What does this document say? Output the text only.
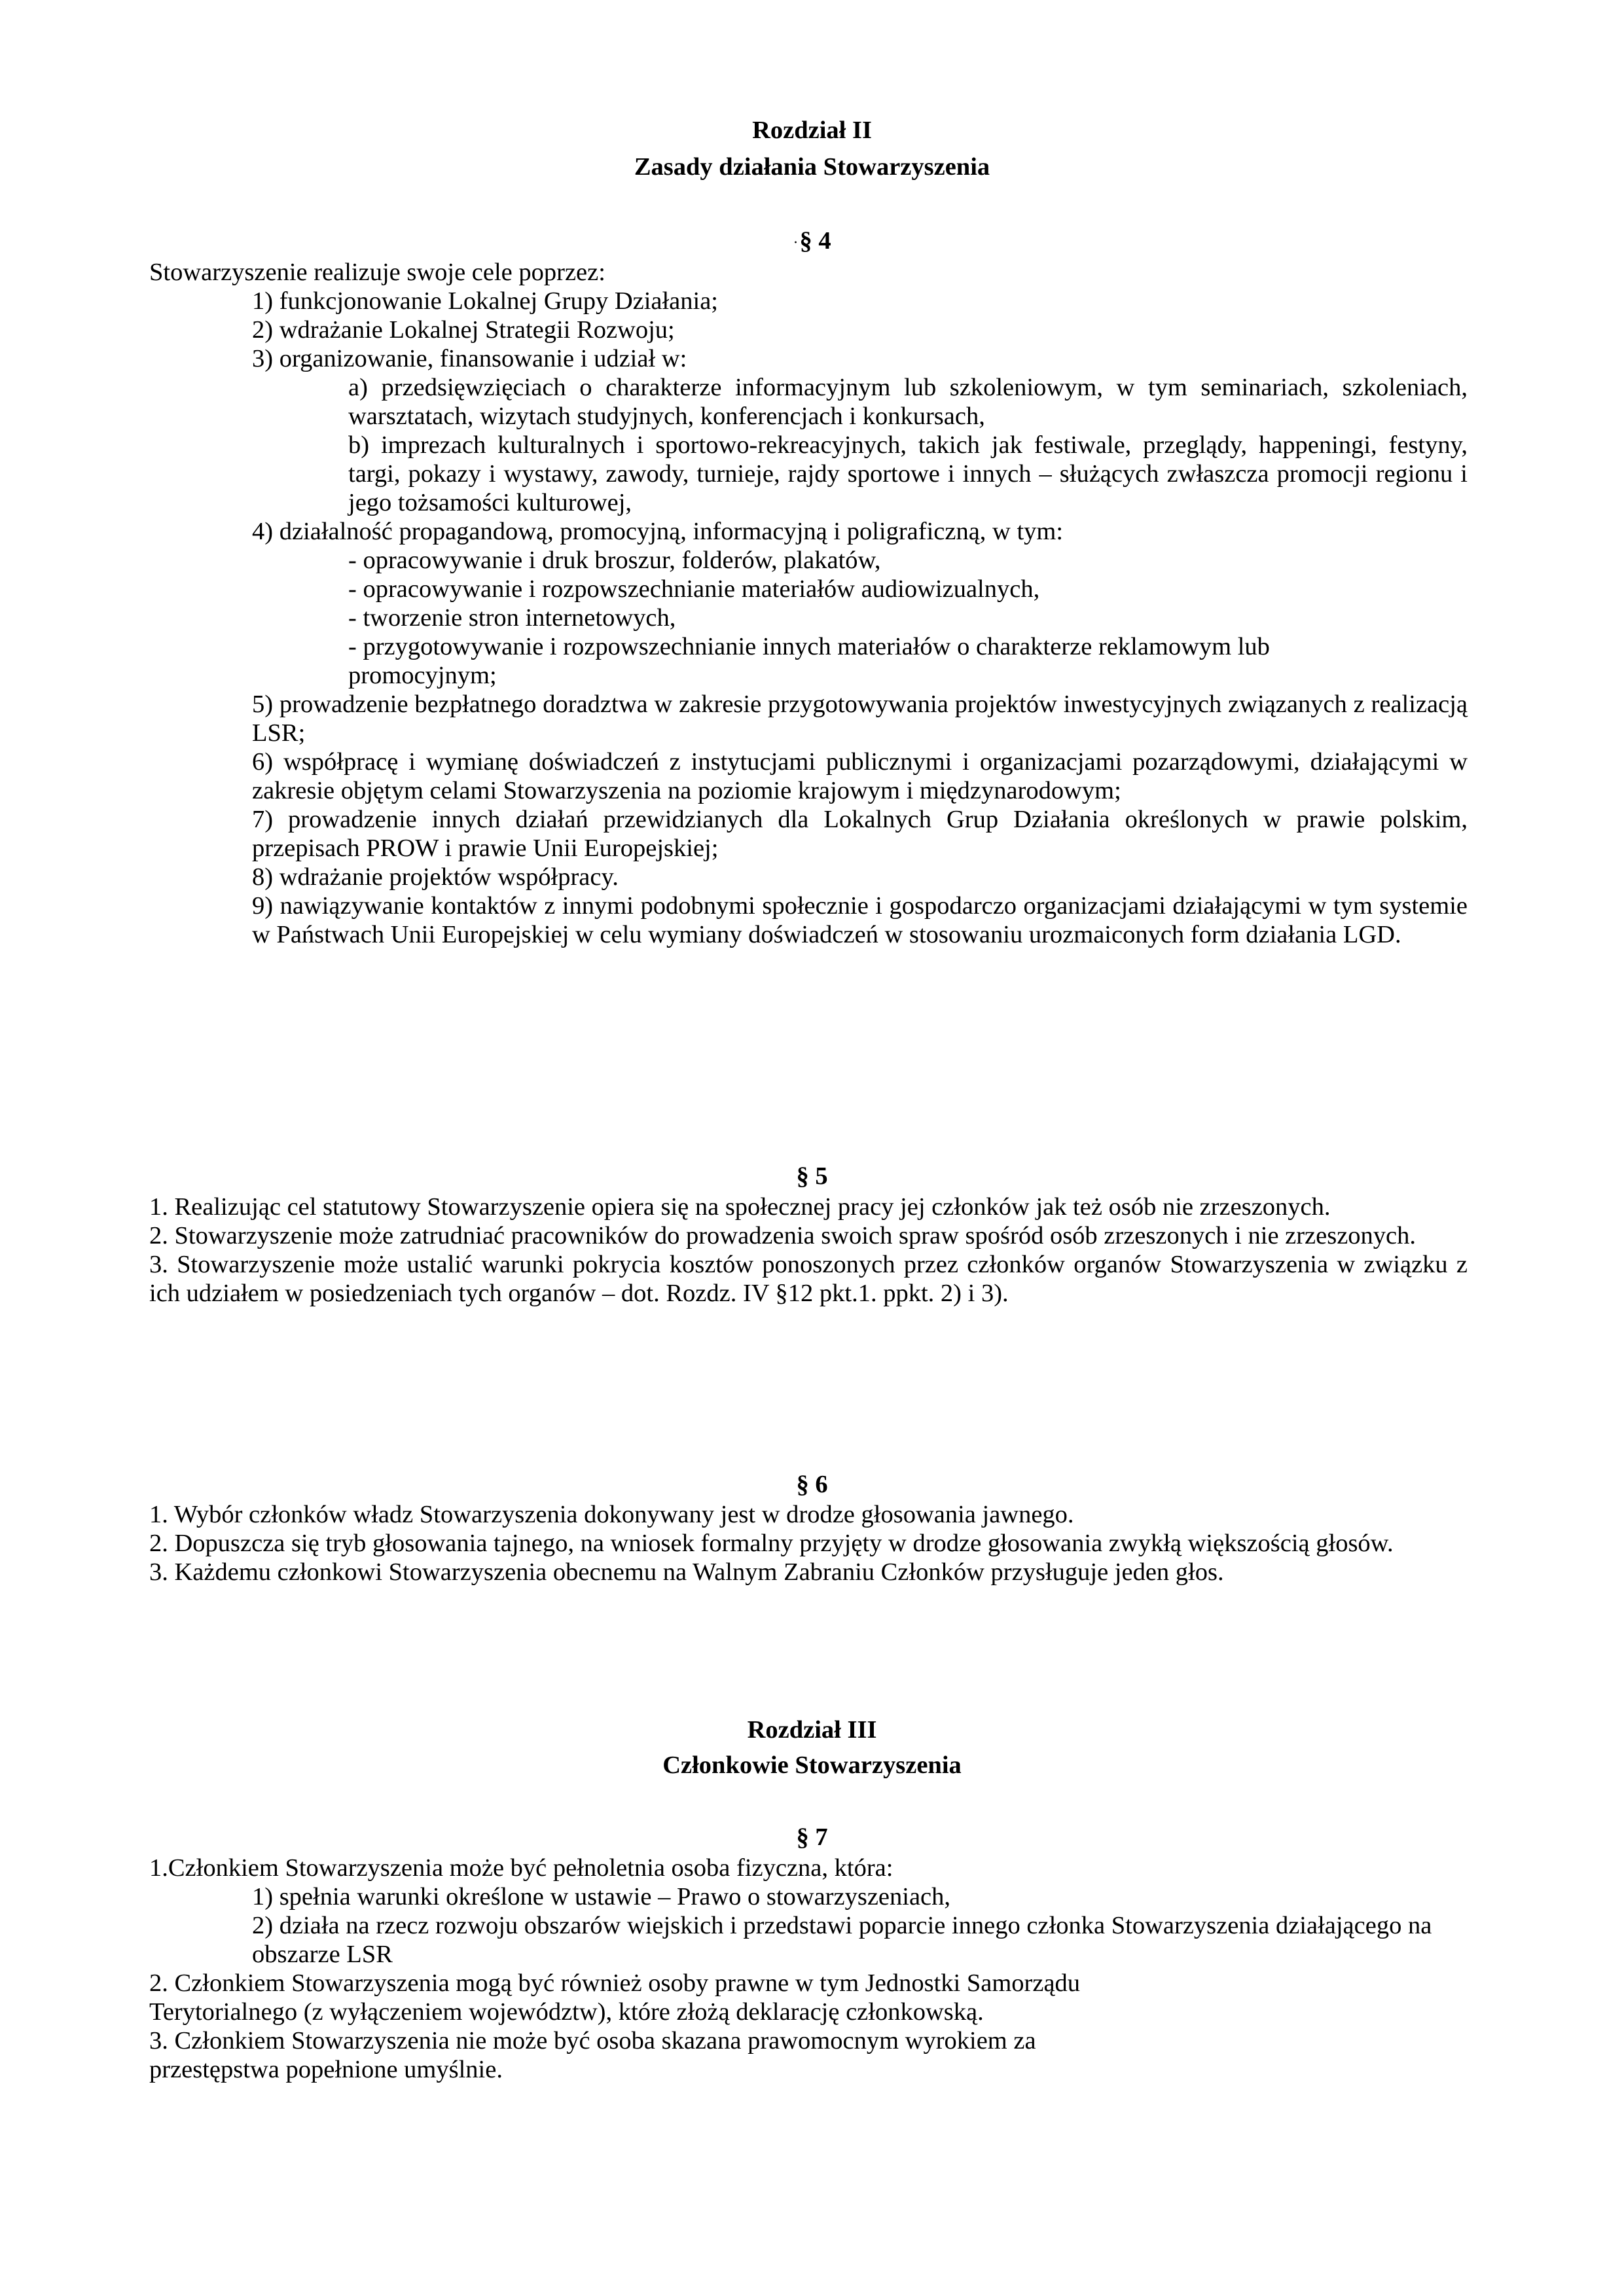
Rozdział II
Zasady działania Stowarzyszenia
·§ 4

Stowarzyszenie realizuje swoje cele poprzez:

1) funkcjonowanie Lokalnej Grupy Działania;

2) wdrażanie Lokalnej Strategii Rozwoju;

3) organizowanie, finansowanie i udział w:

a) przedsięwzięciach o charakterze informacyjnym lub szkoleniowym, w tym seminariach, szkoleniach, warsztatach, wizytach studyjnych, konferencjach i konkursach,

b) imprezach kulturalnych i sportowo-rekreacyjnych, takich jak festiwale, przeglądy, happeningi, festyny, targi, pokazy i wystawy, zawody, turnieje, rajdy sportowe i innych – służących zwłaszcza promocji regionu i jego tożsamości kulturowej,

4) działalność propagandową, promocyjną, informacyjną i poligraficzną, w tym:

- opracowywanie i druk broszur, folderów, plakatów,

- opracowywanie i rozpowszechnianie materiałów audiowizualnych,

- tworzenie stron internetowych,

- przygotowywanie i rozpowszechnianie innych materiałów o charakterze reklamowym lub promocyjnym;

5) prowadzenie bezpłatnego doradztwa w zakresie przygotowywania projektów inwestycyjnych związanych z realizacją LSR;

6) współpracę i wymianę doświadczeń z instytucjami publicznymi i organizacjami pozarządowymi, działającymi w zakresie objętym celami Stowarzyszenia na poziomie krajowym i międzynarodowym;

7) prowadzenie innych działań przewidzianych dla Lokalnych Grup Działania określonych w prawie polskim, przepisach PROW i prawie Unii Europejskiej;

8) wdrażanie projektów współpracy.

9) nawiązywanie kontaktów z innymi podobnymi społecznie i gospodarczo organizacjami działającymi w tym systemie w Państwach Unii Europejskiej w celu wymiany doświadczeń w stosowaniu urozmaiconych form działania LGD.

§ 5

1. Realizując cel statutowy Stowarzyszenie opiera się na społecznej pracy jej członków jak też osób nie zrzeszonych.

2. Stowarzyszenie może zatrudniać pracowników do prowadzenia swoich spraw spośród osób zrzeszonych i nie zrzeszonych.

3. Stowarzyszenie może ustalić warunki pokrycia kosztów ponoszonych przez członków organów Stowarzyszenia w związku z ich udziałem w posiedzeniach tych organów – dot. Rozdz. IV §12 pkt.1. ppkt. 2) i 3).

§ 6

1. Wybór członków władz Stowarzyszenia dokonywany jest w drodze głosowania jawnego.

2. Dopuszcza się tryb głosowania tajnego, na wniosek formalny przyjęty w drodze głosowania zwykłą większością głosów.

3. Każdemu członkowi Stowarzyszenia obecnemu na Walnym Zabraniu Członków przysługuje jeden głos.

Rozdział III
Członkowie Stowarzyszenia
§ 7

1.Członkiem Stowarzyszenia może być pełnoletnia osoba fizyczna, która:

1) spełnia warunki określone w ustawie – Prawo o stowarzyszeniach,

2) działa na rzecz rozwoju obszarów wiejskich i przedstawi poparcie innego członka Stowarzyszenia działającego na obszarze LSR

2. Członkiem Stowarzyszenia mogą być również osoby prawne w tym Jednostki Samorządu

Terytorialnego (z wyłączeniem województw), które złożą deklarację członkowską.

3. Członkiem Stowarzyszenia nie może być osoba skazana prawomocnym wyrokiem za

przestępstwa popełnione umyślnie.
